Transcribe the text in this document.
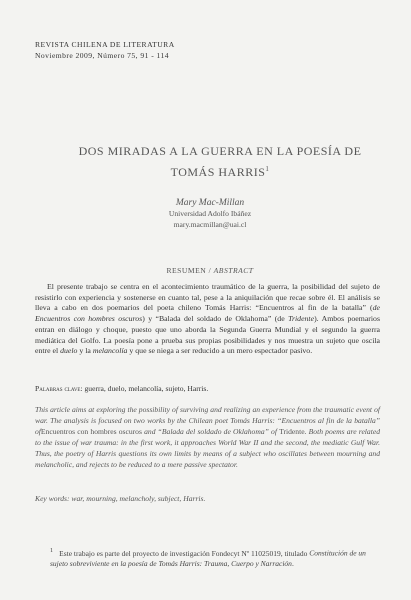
REVISTA CHILENA DE LITERATURA
Noviembre 2009, Número 75, 91 - 114
DOS MIRADAS A LA GUERRA EN LA POESÍA DE
TOMÁS HARRIS$^1$
Mary Mac-Millan
Universidad Adolfo Ibáñez
mary.macmillan@uai.cl
RESUMEN / ABSTRACT

El presente trabajo se centra en el acontecimiento traumático de la guerra, la posibilidad del sujeto de resistirlo con experiencia y sostenerse en cuanto tal, pese a la aniquilación que recae sobre él. El análisis se lleva a cabo en dos poemarios del poeta chileno Tomás Harris: “Encuentros al fin de la batalla” (de Encuentros con hombres oscuros) y “Balada del soldado de Oklahoma” (de Tridente). Ambos poemarios entran en diálogo y choque, puesto que uno aborda la Segunda Guerra Mundial y el segundo la guerra mediática del Golfo. La poesía pone a prueba sus propias posibilidades y nos muestra un sujeto que oscila entre el duelo y la melancolía y que se niega a ser reducido a un mero espectador pasivo.

Palabras clave: guerra, duelo, melancolía, sujeto, Harris.

This article aims at exploring the possibility of surviving and realizing an experience from the traumatic event of war. The analysis is focused on two works by the Chilean poet Tomás Harris: “Encuentros al fin de la batalla” ofEncuentros con hombres oscuros and “Balada del soldado de Oklahoma” of Tridente. Both poems are related to the issue of war trauma: in the first work, it approaches World War II and the second, the mediatic Gulf War. Thus, the poetry of Harris questions its own limits by means of a subject who oscillates between mourning and melancholic, and rejects to be reduced to a mere passive spectator.

Key words: war, mourning, melancholy, subject, Harris.

$^1$ Este trabajo es parte del proyecto de investigación Fondecyt Nº 11025019, titulado Constitución de un sujeto sobreviviente en la poesía de Tomás Harris: Trauma, Cuerpo y Narración.
